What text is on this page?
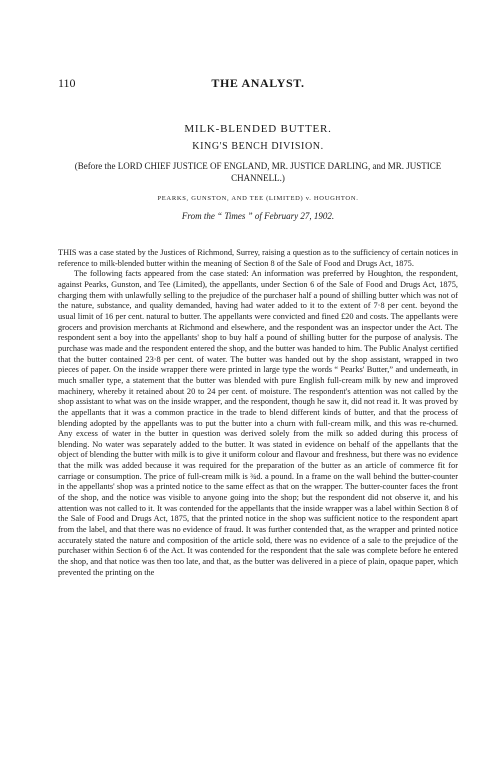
110	THE ANALYST.

MILK-BLENDED BUTTER.

KING'S BENCH DIVISION.

(Before the LORD CHIEF JUSTICE OF ENGLAND, MR. JUSTICE DARLING, and MR. JUSTICE CHANNELL.)

PEARKS, GUNSTON, AND TEE (LIMITED) v. HOUGHTON.

From the “ Times ” of February 27, 1902.

THIS was a case stated by the Justices of Richmond, Surrey, raising a question as to the sufficiency of certain notices in reference to milk-blended butter within the meaning of Section 8 of the Sale of Food and Drugs Act, 1875.

The following facts appeared from the case stated: An information was preferred by Houghton, the respondent, against Pearks, Gunston, and Tee (Limited), the appellants, under Section 6 of the Sale of Food and Drugs Act, 1875, charging them with unlawfully selling to the prejudice of the purchaser half a pound of shilling butter which was not of the nature, substance, and quality demanded, having had water added to it to the extent of 7·8 per cent. beyond the usual limit of 16 per cent. natural to butter. The appellants were convicted and fined £20 and costs. The appellants were grocers and provision merchants at Richmond and elsewhere, and the respondent was an inspector under the Act. The respondent sent a boy into the appellants' shop to buy half a pound of shilling butter for the purpose of analysis. The purchase was made and the respondent entered the shop, and the butter was handed to him. The Public Analyst certified that the butter contained 23·8 per cent. of water. The butter was handed out by the shop assistant, wrapped in two pieces of paper. On the inside wrapper there were printed in large type the words “ Pearks' Butter,” and underneath, in much smaller type, a statement that the butter was blended with pure English full-cream milk by new and improved machinery, whereby it retained about 20 to 24 per cent. of moisture. The respondent's attention was not called by the shop assistant to what was on the inside wrapper, and the respondent, though he saw it, did not read it. It was proved by the appellants that it was a common practice in the trade to blend different kinds of butter, and that the process of blending adopted by the appellants was to put the butter into a churn with full-cream milk, and this was re-churned. Any excess of water in the butter in question was derived solely from the milk so added during this process of blending. No water was separately added to the butter. It was stated in evidence on behalf of the appellants that the object of blending the butter with milk is to give it uniform colour and flavour and freshness, but there was no evidence that the milk was added because it was required for the preparation of the butter as an article of commerce fit for carriage or consumption. The price of full-cream milk is ¾d. a pound. In a frame on the wall behind the butter-counter in the appellants' shop was a printed notice to the same effect as that on the wrapper. The butter-counter faces the front of the shop, and the notice was visible to anyone going into the shop; but the respondent did not observe it, and his attention was not called to it. It was contended for the appellants that the inside wrapper was a label within Section 8 of the Sale of Food and Drugs Act, 1875, that the printed notice in the shop was sufficient notice to the respondent apart from the label, and that there was no evidence of fraud. It was further contended that, as the wrapper and printed notice accurately stated the nature and composition of the article sold, there was no evidence of a sale to the prejudice of the purchaser within Section 6 of the Act. It was contended for the respondent that the sale was complete before he entered the shop, and that notice was then too late, and that, as the butter was delivered in a piece of plain, opaque paper, which prevented the printing on the
